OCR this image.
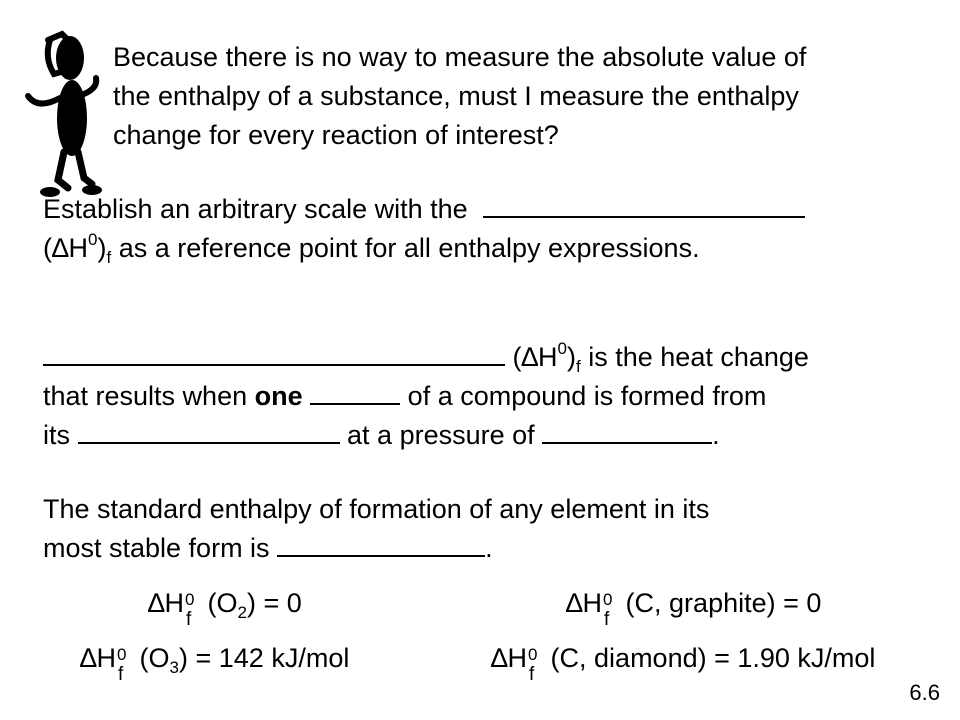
Because there is no way to measure the absolute value of
the enthalpy of a substance, must I measure the enthalpy
change for every reaction of interest?
Establish an arbitrary scale with the
$(\Delta H^0)_f$ as a reference point for all enthalpy expressions.
$(\Delta H^0)_f$ is the heat change
that results when one	of a compound is formed from
its	at a pressure of	.
The standard enthalpy of formation of any element in its
most stable form is	.
∆H 0
f
$(O_2) = 0$	∆H 0
f
(C, graphite) = 0
∆H 0
f
$(O_3) = 142$ kJ/mol	∆H 0
f
(C, diamond) = 1.90 kJ/mol
6.6
